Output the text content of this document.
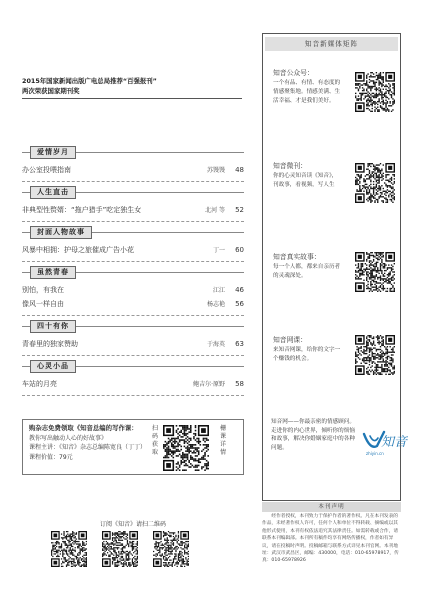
2015年国家新闻出版广电总局推荐“百强报刊”
两次荣获国家期刊奖
爱情岁月
办公室投喂指南	苏馒馒	48
人生直击
非典型性赘婿：“拖户猎手”吃定独生女	北河 等	52
封面人物故事
风暴中相拥：护母之旅催成广告小花	丁一	60
虽然青春
别怕，有我在	江江	46
像风一样自由	杨志艳	56
四十有你
青春里的独家赞助	于海英	63
心灵小品
车站的月亮	鲍吉尔·原野	58
购杂志免费领取《知音总编的写作课：
教你写出触动人心的好故事》
课程主讲：《知音》杂志总编陈宽良（丁丁）
课程价值：79元
扫码获取
栅课详情
订阅《知音》请扫二维码
知音新媒体矩阵
知音公众号：
一个有品、有情、有态度的情感聚集地。情感美满、生活幸福、才是我们美好。
知音微刊：
你的心灵知音读《知音》，刊故事，看视频，写人生
知音真实故事：
每一个人都，都来自亲历者的灵魂深处。
知音网课：
来知音网课，给你的文字一个赚钱的机会。
知音网——你最亲密的情感顾问。走进你的内心世界，倾听你的烦恼和故事，解决你婚姻家庭中的各种问题。	知音
zhiyin.cn
本刊声明
经作者授权，本刊致力于保护作者的著作权。凡在本刊发表的作品，未经著作权人许可，任何个人和单位不得转载、摘编或以其他形式使用，本刊有权依法追究其法律责任。如需转载或合作，请联系本刊编辑部。本刊所有稿件均享有网络传播权，作者如有异议，请在投稿时声明。投稿邮箱与联系方式详见本刊官网。本刊地址：武汉市武昌区，邮编：430000，电话：010-65978917，传真：010-65978926
